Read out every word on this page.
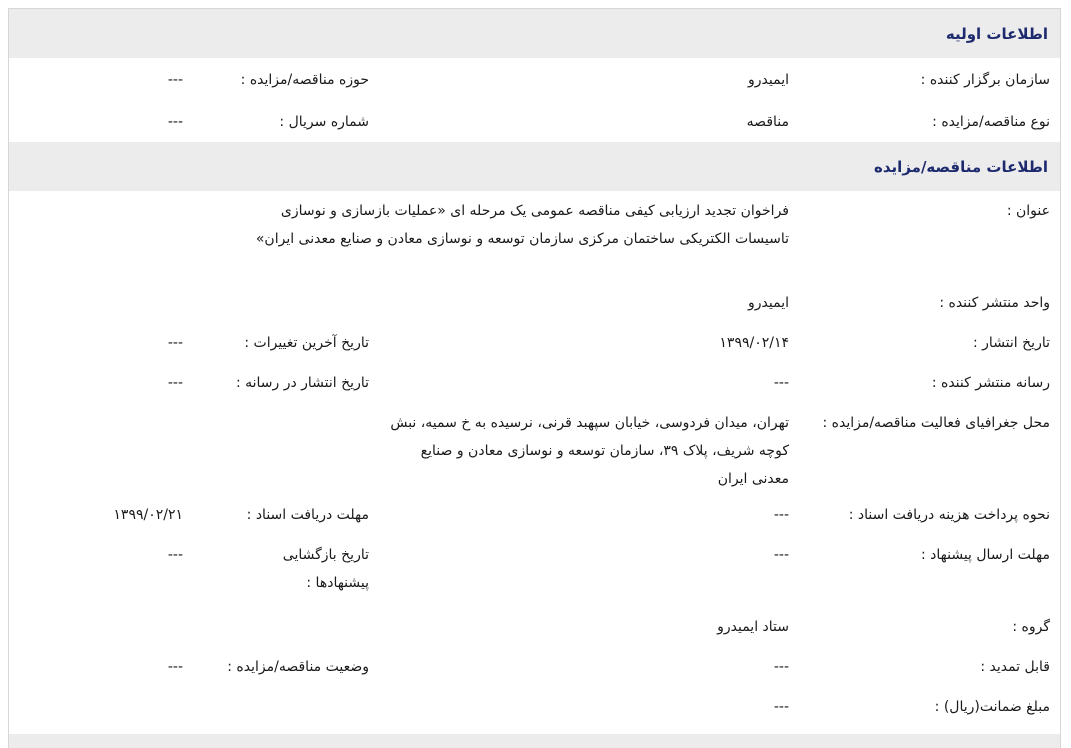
اطلاعات اولیه
سازمان برگزار کننده :
ایمیدرو
حوزه مناقصه/مزایده :
---
نوع مناقصه/مزایده :
مناقصه
شماره سریال :
---
اطلاعات مناقصه/مزایده
عنوان :
فراخوان تجدید ارزیابی کیفی مناقصه عمومی یک مرحله ای «عملیات بازسازی و نوسازی تاسیسات الکتریکی ساختمان مرکزی سازمان توسعه و نوسازی معادن و صنایع معدنی ایران»
واحد منتشر کننده :
ایمیدرو
تاریخ انتشار :
۱۳۹۹/۰۲/۱۴
تاریخ آخرین تغییرات :
---
رسانه منتشر کننده :
---
تاریخ انتشار در رسانه :
---
محل جغرافیای فعالیت مناقصه/مزایده :
تهران، میدان فردوسی، خیابان سپهبد قرنی، نرسیده به خ سمیه، نبش کوچه شریف، پلاک ۳۹، سازمان توسعه و نوسازی معادن و صنایع معدنی ایران
نحوه پرداخت هزینه دریافت اسناد :
---
مهلت دریافت اسناد :
۱۳۹۹/۰۲/۲۱
مهلت ارسال پیشنهاد :
---
تاریخ بازگشایی پیشنهادها :
---
گروه :
ستاد ایمیدرو
قابل تمدید :
---
وضعیت مناقصه/مزایده :
---
مبلغ ضمانت(ریال) :
---
